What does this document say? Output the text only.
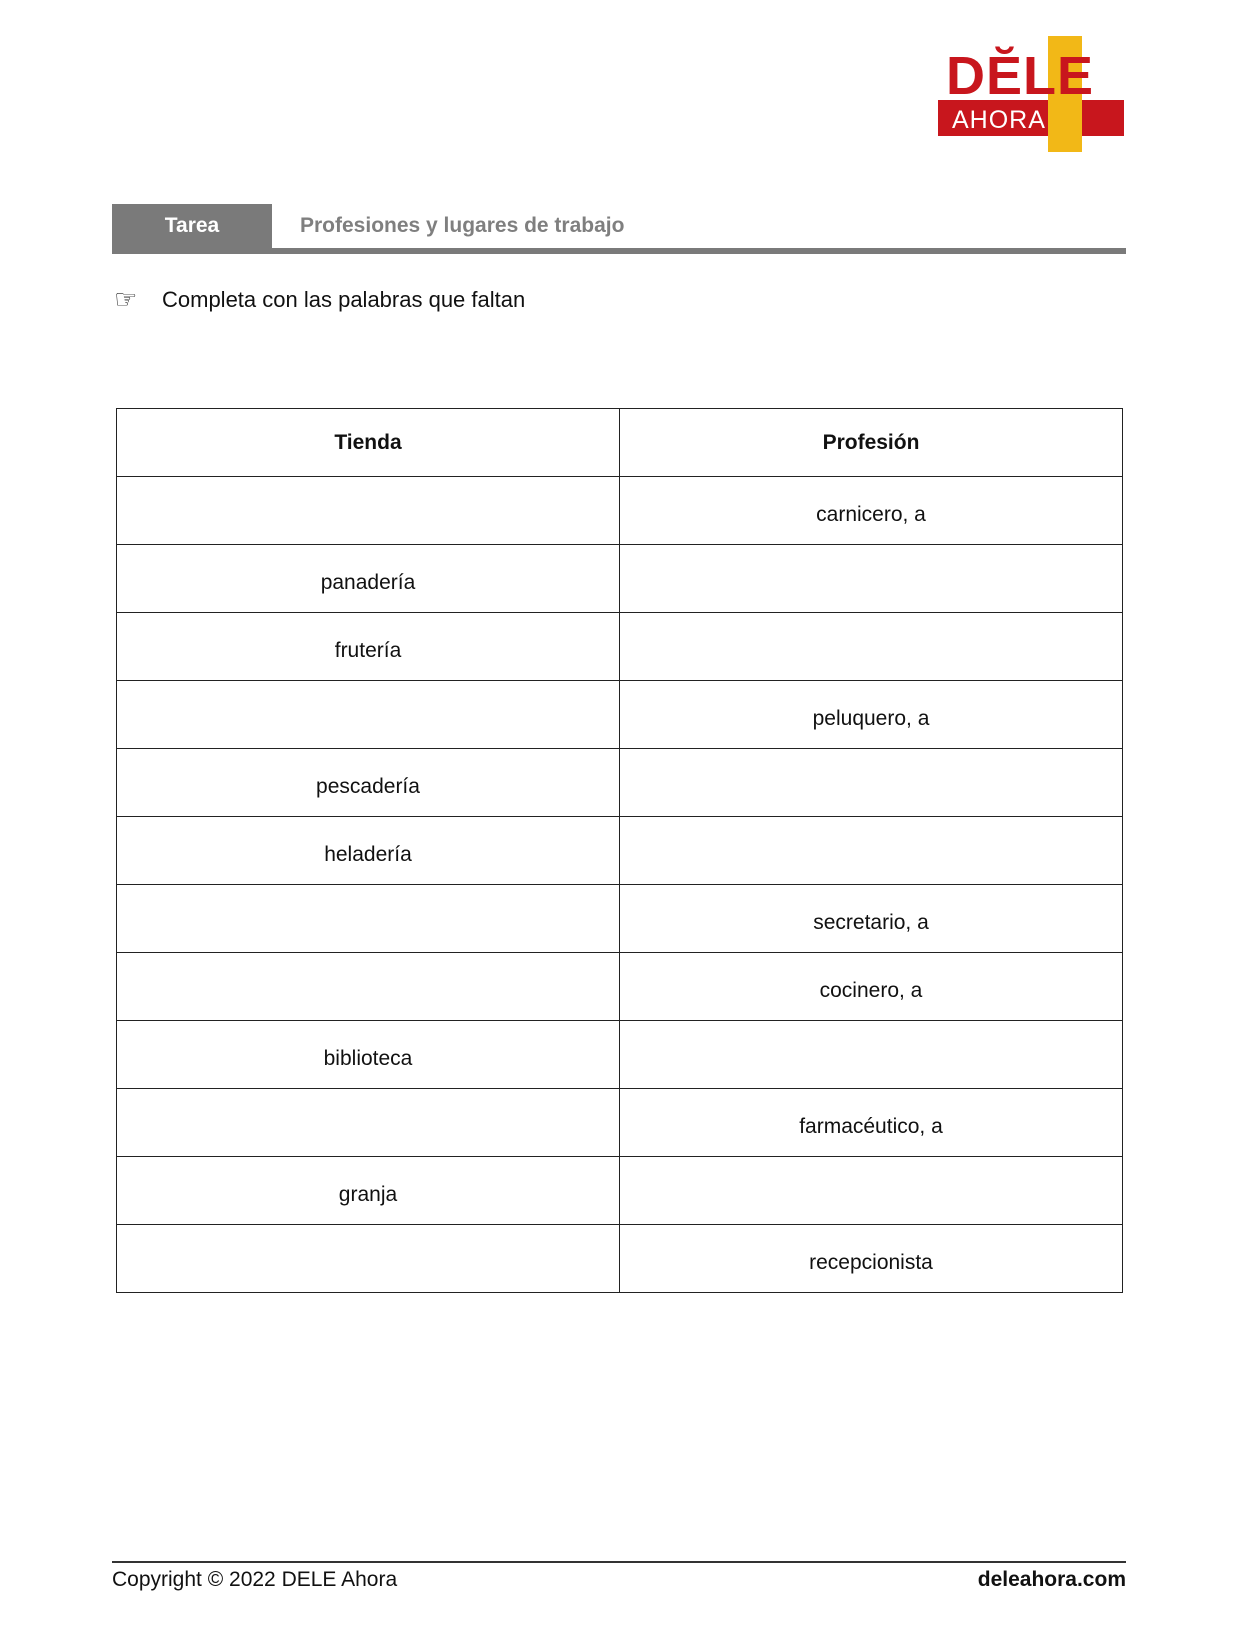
DĔLE
AHORA
Tarea	Profesiones y lugares de trabajo
☞	Completa con las palabras que faltan
Tienda	Profesión
	carnicero, a
panadería	
frutería	
	peluquero, a
pescadería	
heladería	
	secretario, a
	cocinero, a
biblioteca	
	farmacéutico, a
granja	
	recepcionista
Copyright © 2022 DELE Ahora	deleahora.com
